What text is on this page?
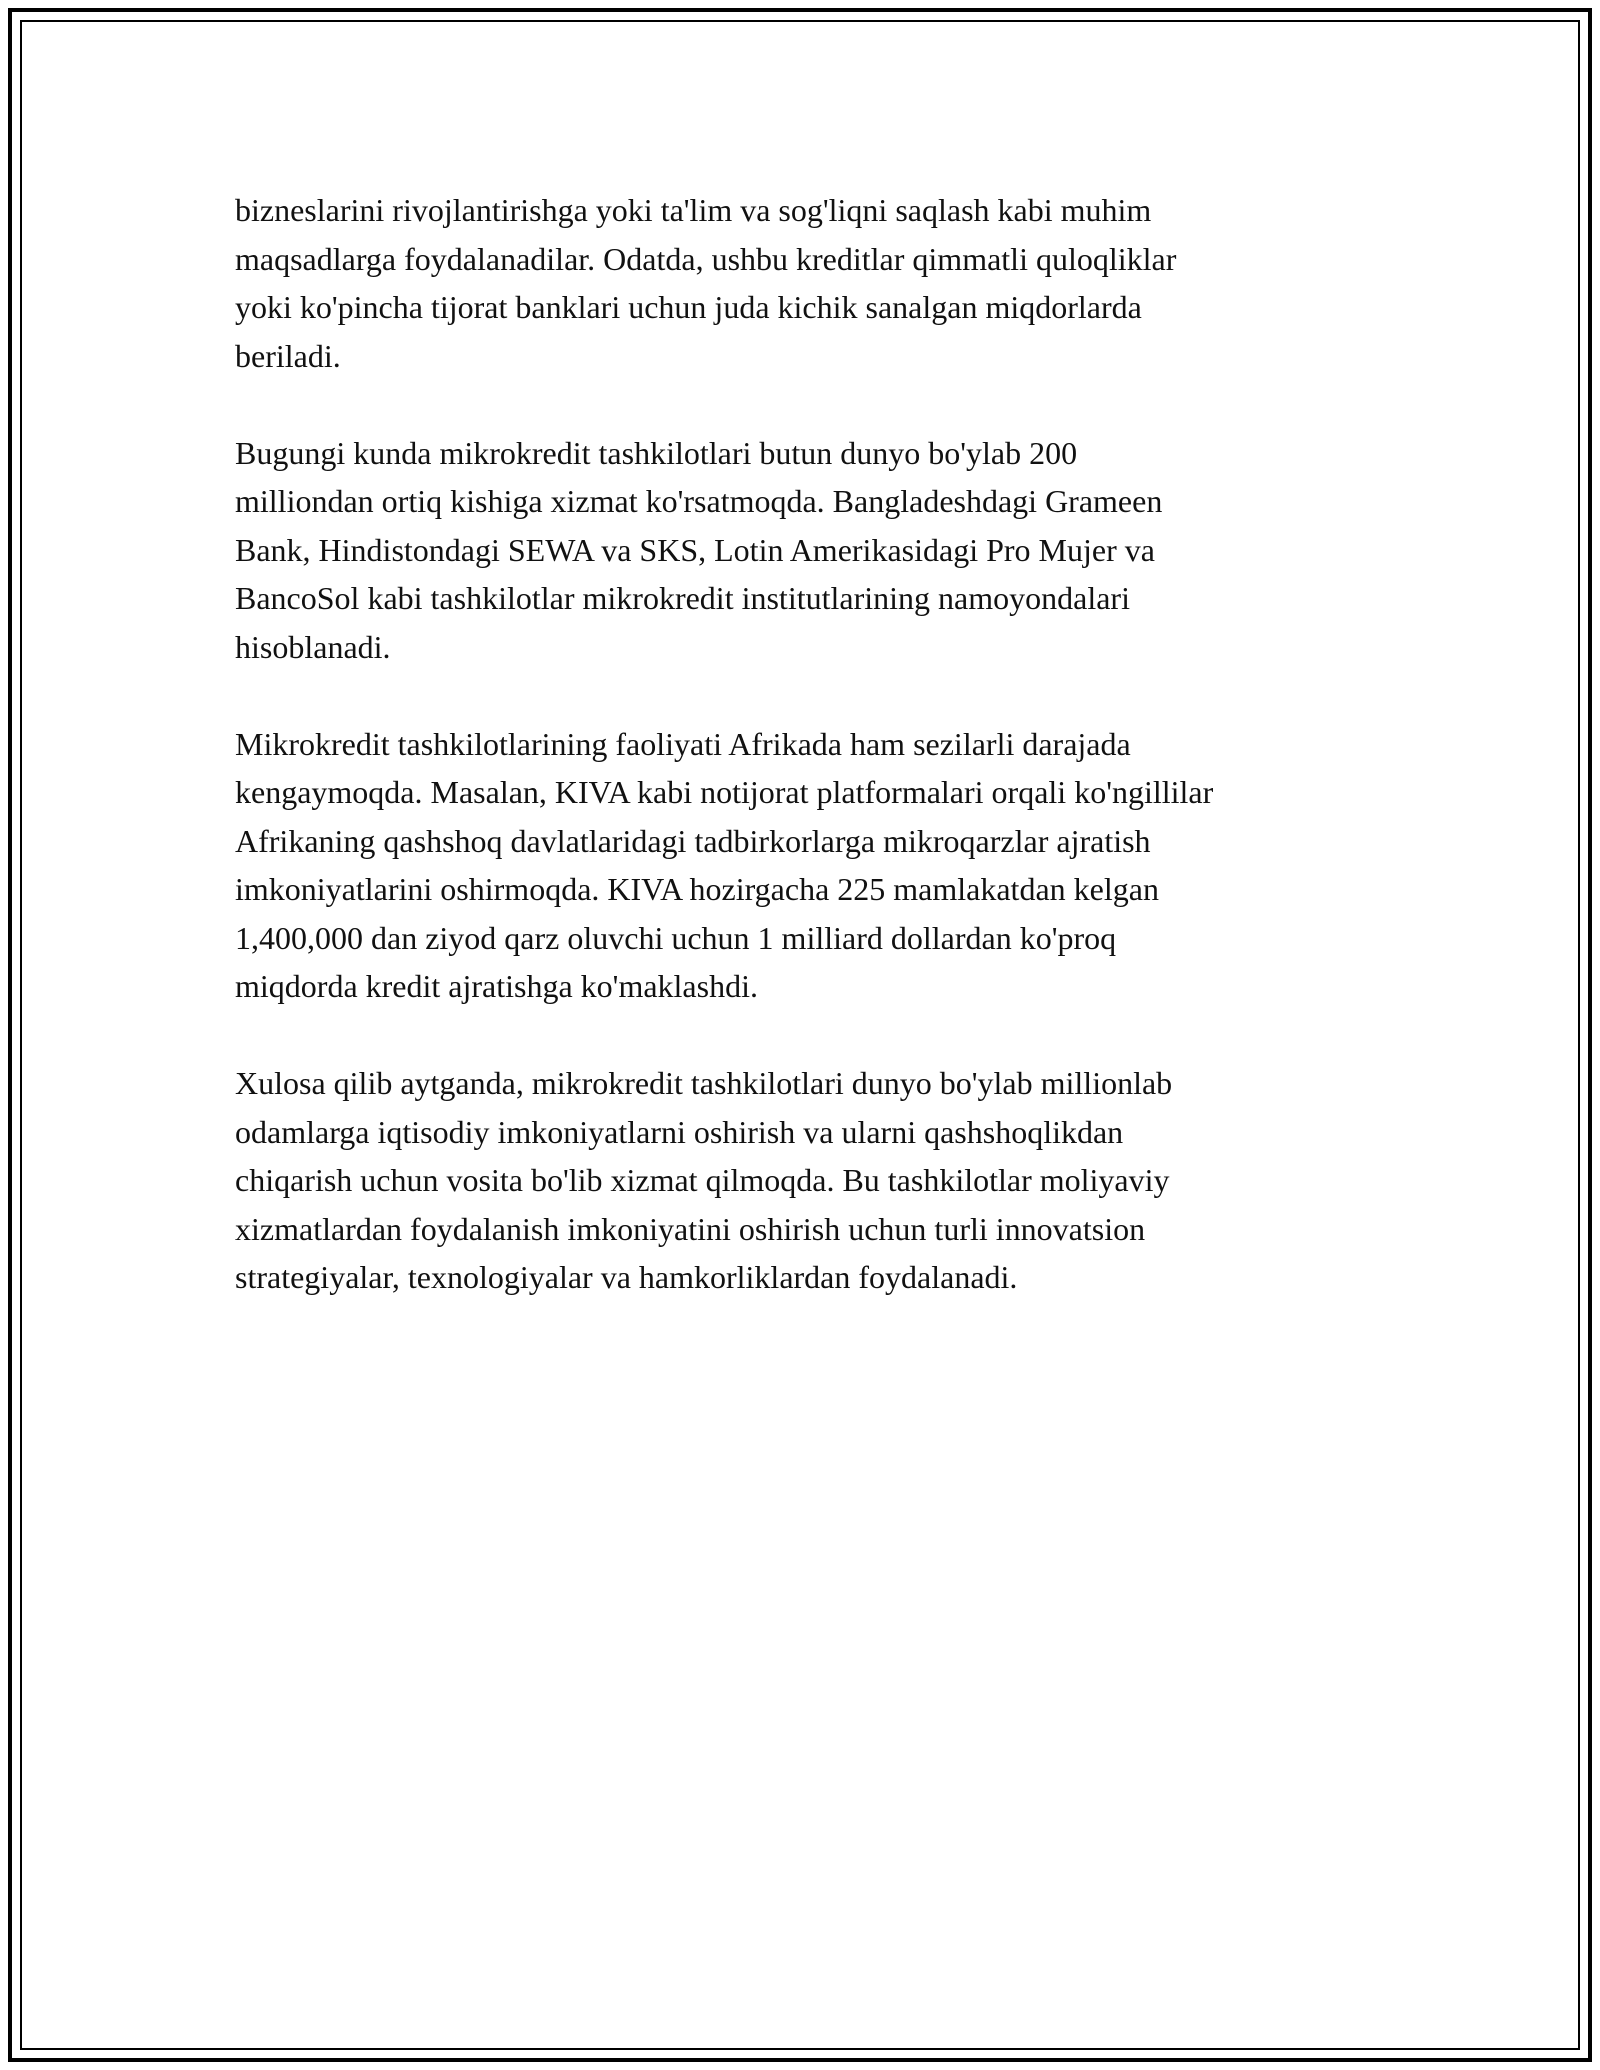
bizneslarini rivojlantirishga yoki ta'lim va sog'liqni saqlash kabi muhim
maqsadlarga foydalanadilar. Odatda, ushbu kreditlar qimmatli quloqliklar
yoki ko'pincha tijorat banklari uchun juda kichik sanalgan miqdorlarda
beriladi.

Bugungi kunda mikrokredit tashkilotlari butun dunyo bo'ylab 200
milliondan ortiq kishiga xizmat ko'rsatmoqda. Bangladeshdagi Grameen
Bank, Hindistondagi SEWA va SKS, Lotin Amerikasidagi Pro Mujer va
BancoSol kabi tashkilotlar mikrokredit institutlarining namoyondalari
hisoblanadi.

Mikrokredit tashkilotlarining faoliyati Afrikada ham sezilarli darajada
kengaymoqda. Masalan, KIVA kabi notijorat platformalari orqali ko'ngillilar
Afrikaning qashshoq davlatlaridagi tadbirkorlarga mikroqarzlar ajratish
imkoniyatlarini oshirmoqda. KIVA hozirgacha 225 mamlakatdan kelgan
1,400,000 dan ziyod qarz oluvchi uchun 1 milliard dollardan ko'proq
miqdorda kredit ajratishga ko'maklashdi.

Xulosa qilib aytganda, mikrokredit tashkilotlari dunyo bo'ylab millionlab
odamlarga iqtisodiy imkoniyatlarni oshirish va ularni qashshoqlikdan
chiqarish uchun vosita bo'lib xizmat qilmoqda. Bu tashkilotlar moliyaviy
xizmatlardan foydalanish imkoniyatini oshirish uchun turli innovatsion
strategiyalar, texnologiyalar va hamkorliklardan foydalanadi.
